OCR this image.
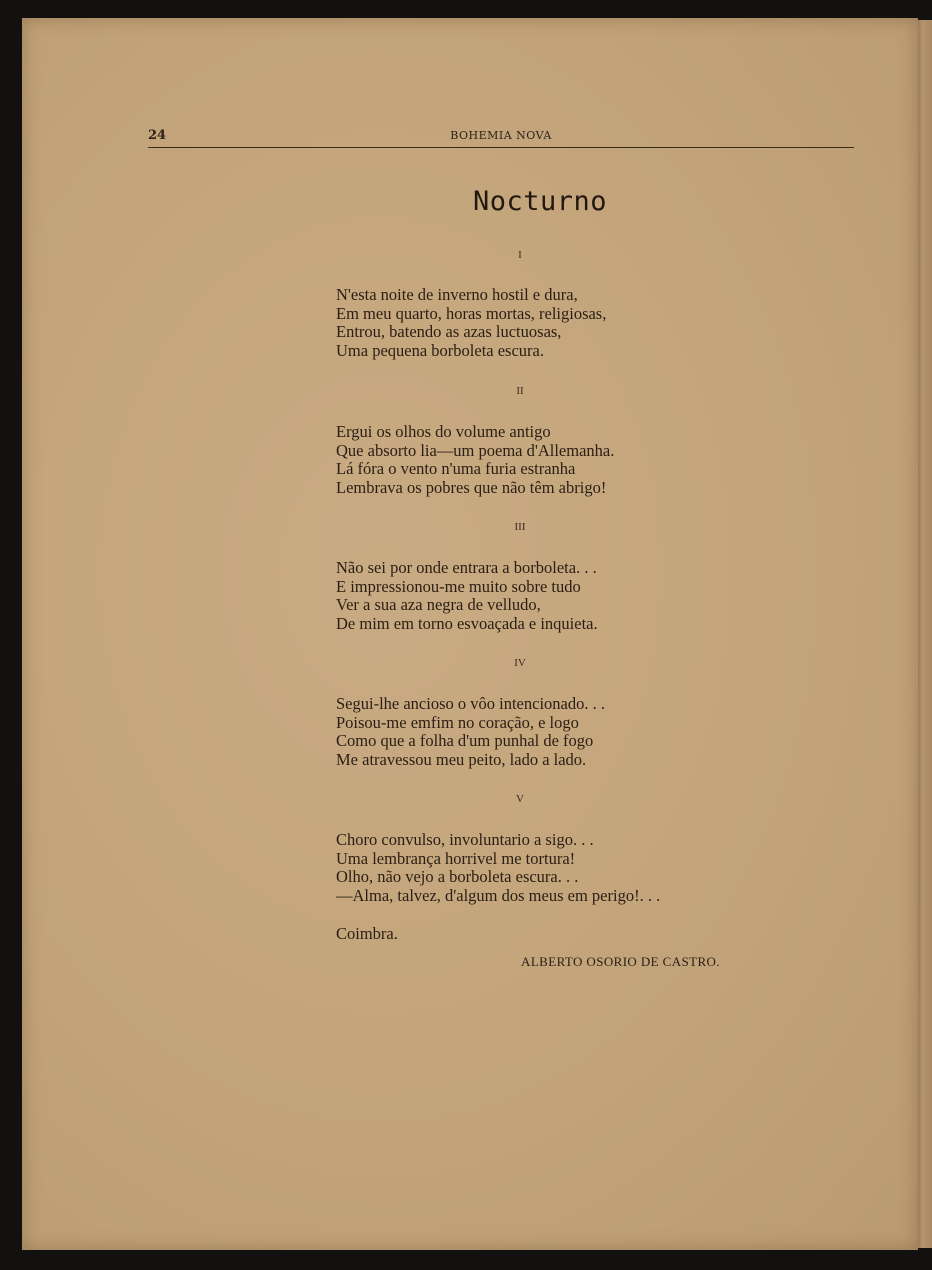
24	BOHEMIA NOVA
Nocturno
I
N'esta noite de inverno hostil e dura,
Em meu quarto, horas mortas, religiosas,
Entrou, batendo as azas luctuosas,
Uma pequena borboleta escura.
II
Ergui os olhos do volume antigo
Que absorto lia—um poema d'Allemanha.
Lá fóra o vento n'uma furia estranha
Lembrava os pobres que não têm abrigo!
III
Não sei por onde entrara a borboleta. . .
E impressionou-me muito sobre tudo
Ver a sua aza negra de velludo,
De mim em torno esvoaçada e inquieta.
IV
Segui-lhe ancioso o vôo intencionado. . .
Poisou-me emfim no coração, e logo
Como que a folha d'um punhal de fogo
Me atravessou meu peito, lado a lado.
V
Choro convulso, involuntario a sigo. . .
Uma lembrança horrivel me tortura!
Olho, não vejo a borboleta escura. . .
—Alma, talvez, d'algum dos meus em perigo!. . .
Coimbra.
ALBERTO OSORIO DE CASTRO.
